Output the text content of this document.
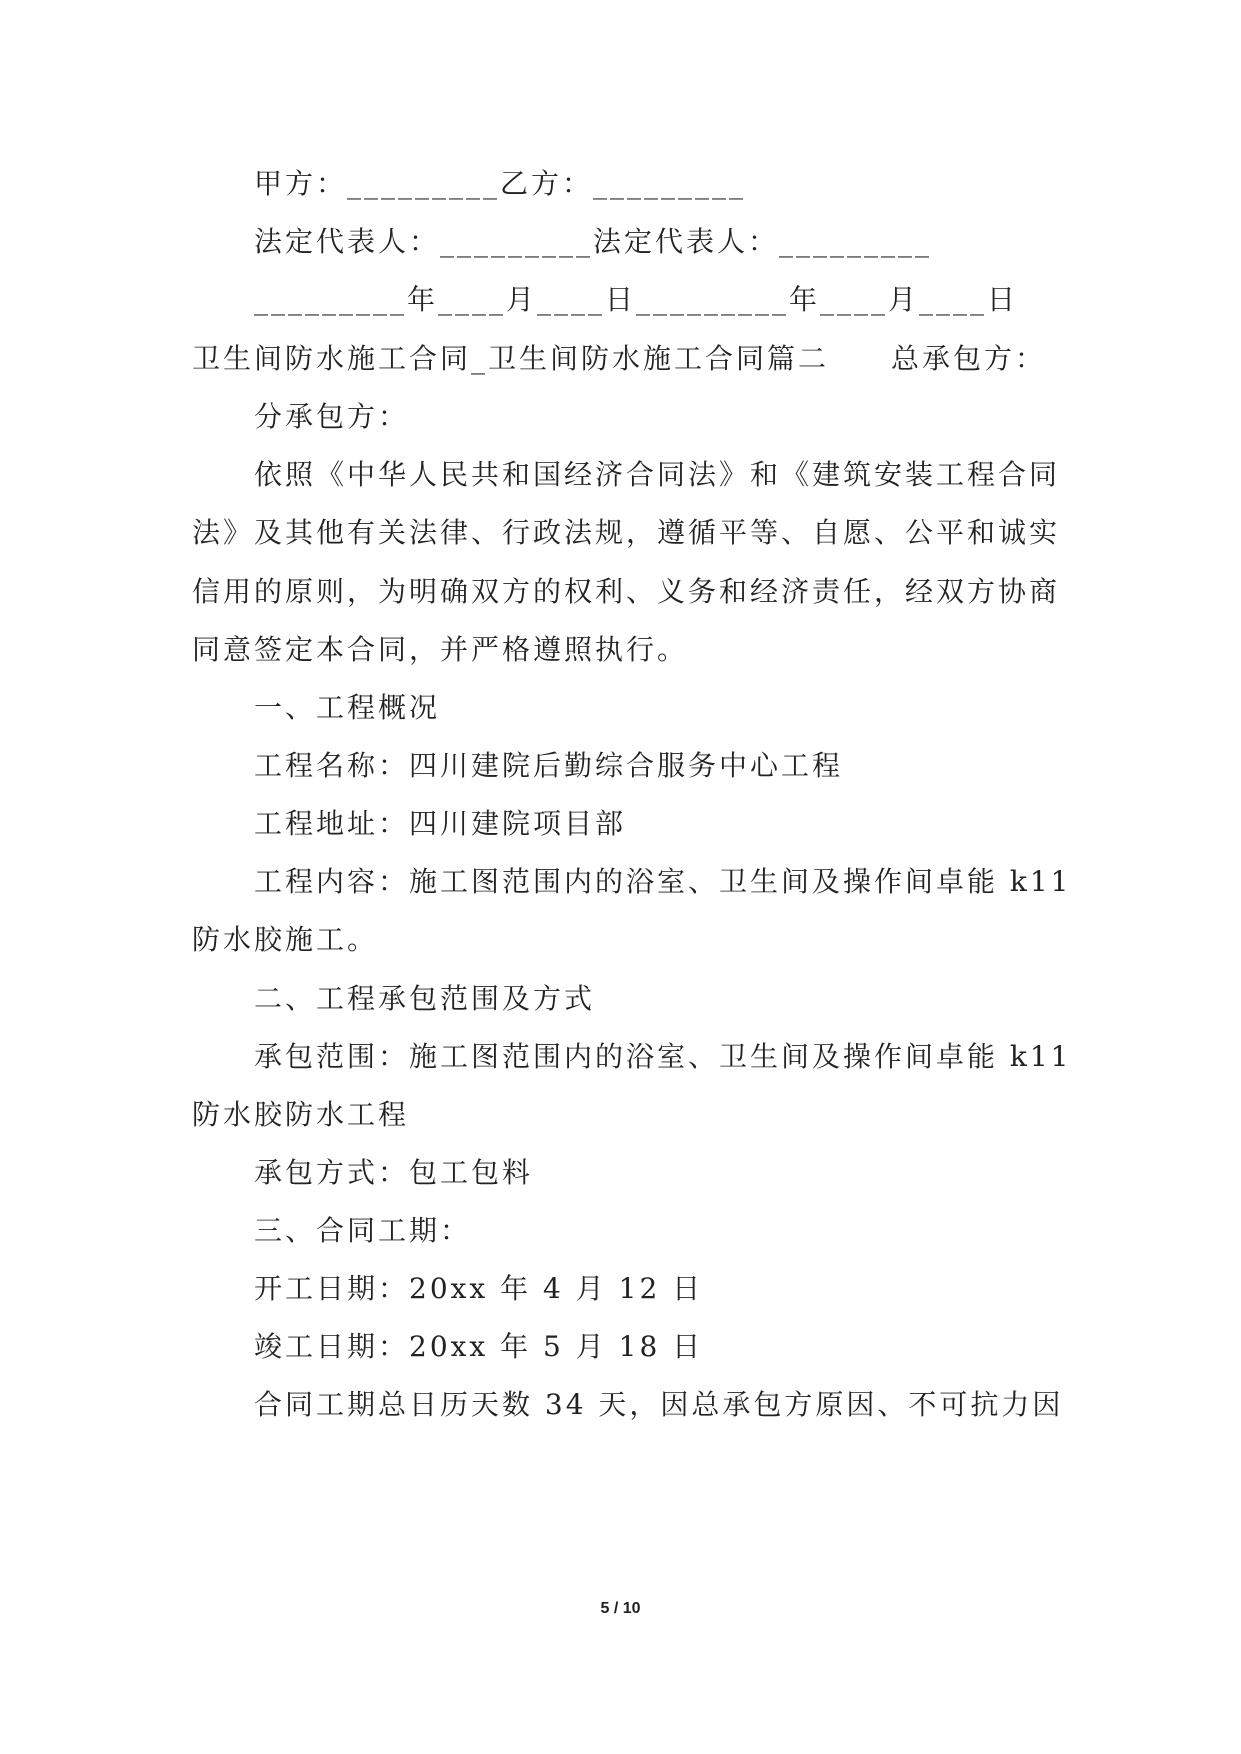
甲方：_________乙方：_________
法定代表人：_________法定代表人：_________
_________年____月____日_________年____月____日
卫生间防水施工合同_卫生间防水施工合同篇二　　总承包方：
分承包方：
依照《中华人民共和国经济合同法》和《建筑安装工程合同
法》及其他有关法律、行政法规，遵循平等、自愿、公平和诚实
信用的原则，为明确双方的权利、义务和经济责任，经双方协商
同意签定本合同，并严格遵照执行。
一、工程概况
工程名称：四川建院后勤综合服务中心工程
工程地址：四川建院项目部
工程内容：施工图范围内的浴室、卫生间及操作间卓能 k11
防水胶施工。
二、工程承包范围及方式
承包范围：施工图范围内的浴室、卫生间及操作间卓能 k11
防水胶防水工程
承包方式：包工包料
三、合同工期：
开工日期：20xx 年 4 月 12 日
竣工日期：20xx 年 5 月 18 日
合同工期总日历天数 34 天，因总承包方原因、不可抗力因
5 / 10
